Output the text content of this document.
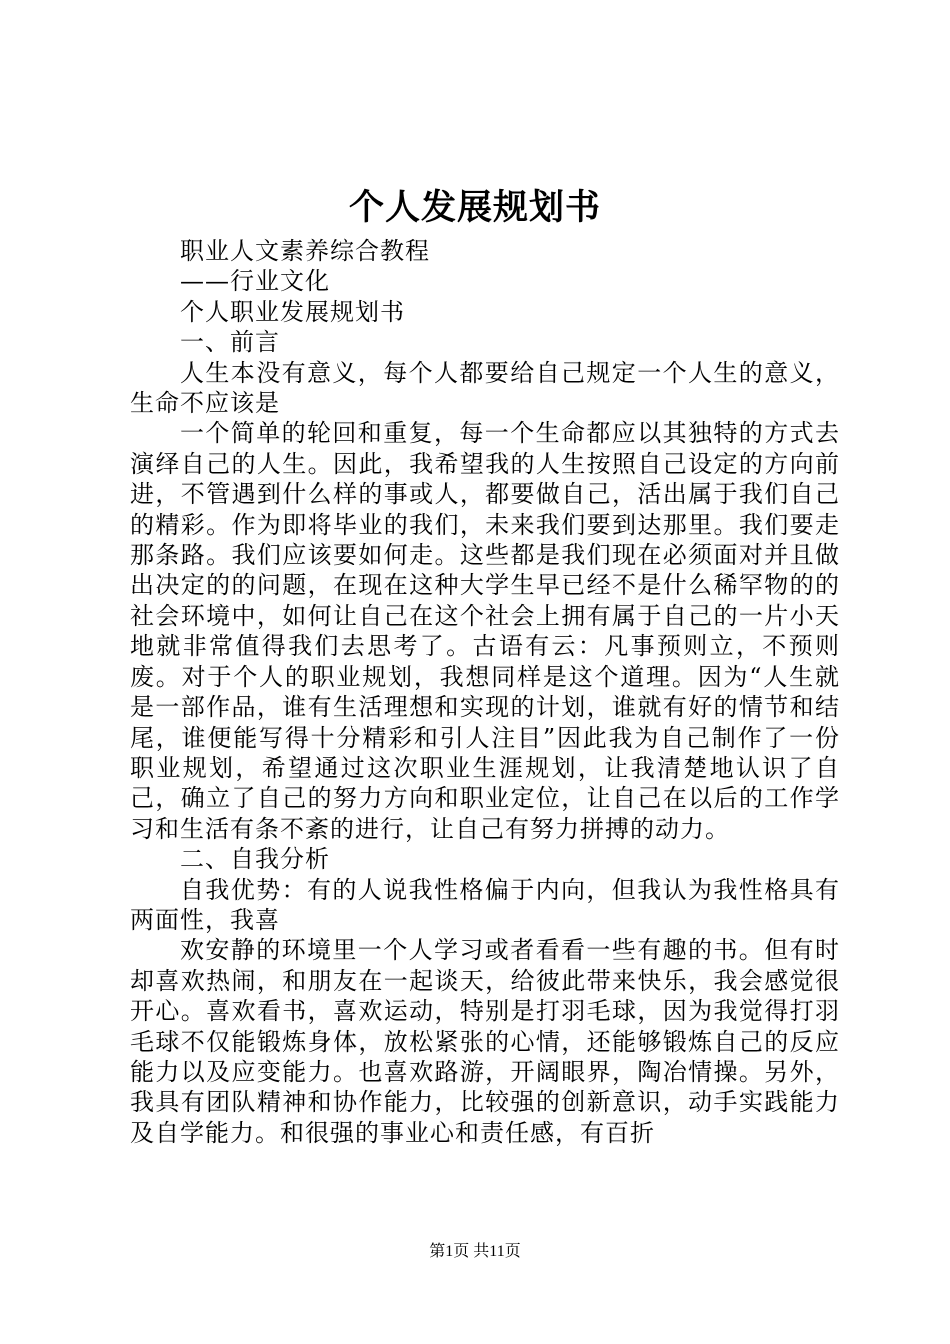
个人发展规划书

职业人文素养综合教程

——行业文化

个人职业发展规划书

一、前言

人生本没有意义，每个人都要给自己规定一个人生的意义，生命不应该是

一个简单的轮回和重复，每一个生命都应以其独特的方式去演绎自己的人生。因此，我希望我的人生按照自己设定的方向前进，不管遇到什么样的事或人，都要做自己，活出属于我们自己的精彩。作为即将毕业的我们，未来我们要到达那里。我们要走那条路。我们应该要如何走。这些都是我们现在必须面对并且做出决定的的问题，在现在这种大学生早已经不是什么稀罕物的的社会环境中，如何让自己在这个社会上拥有属于自己的一片小天地就非常值得我们去思考了。古语有云：凡事预则立，不预则废。对于个人的职业规划，我想同样是这个道理。因为“人生就是一部作品，谁有生活理想和实现的计划，谁就有好的情节和结尾，谁便能写得十分精彩和引人注目”因此我为自己制作了一份职业规划，希望通过这次职业生涯规划，让我清楚地认识了自己，确立了自己的努力方向和职业定位，让自己在以后的工作学习和生活有条不紊的进行，让自己有努力拼搏的动力。

二、自我分析

自我优势：有的人说我性格偏于内向，但我认为我性格具有两面性，我喜

欢安静的环境里一个人学习或者看看一些有趣的书。但有时却喜欢热闹，和朋友在一起谈天，给彼此带来快乐，我会感觉很开心。喜欢看书，喜欢运动，特别是打羽毛球，因为我觉得打羽毛球不仅能锻炼身体，放松紧张的心情，还能够锻炼自己的反应能力以及应变能力。也喜欢路游，开阔眼界，陶冶情操。另外，我具有团队精神和协作能力，比较强的创新意识，动手实践能力及自学能力。和很强的事业心和责任感，有百折

第1页 共11页
